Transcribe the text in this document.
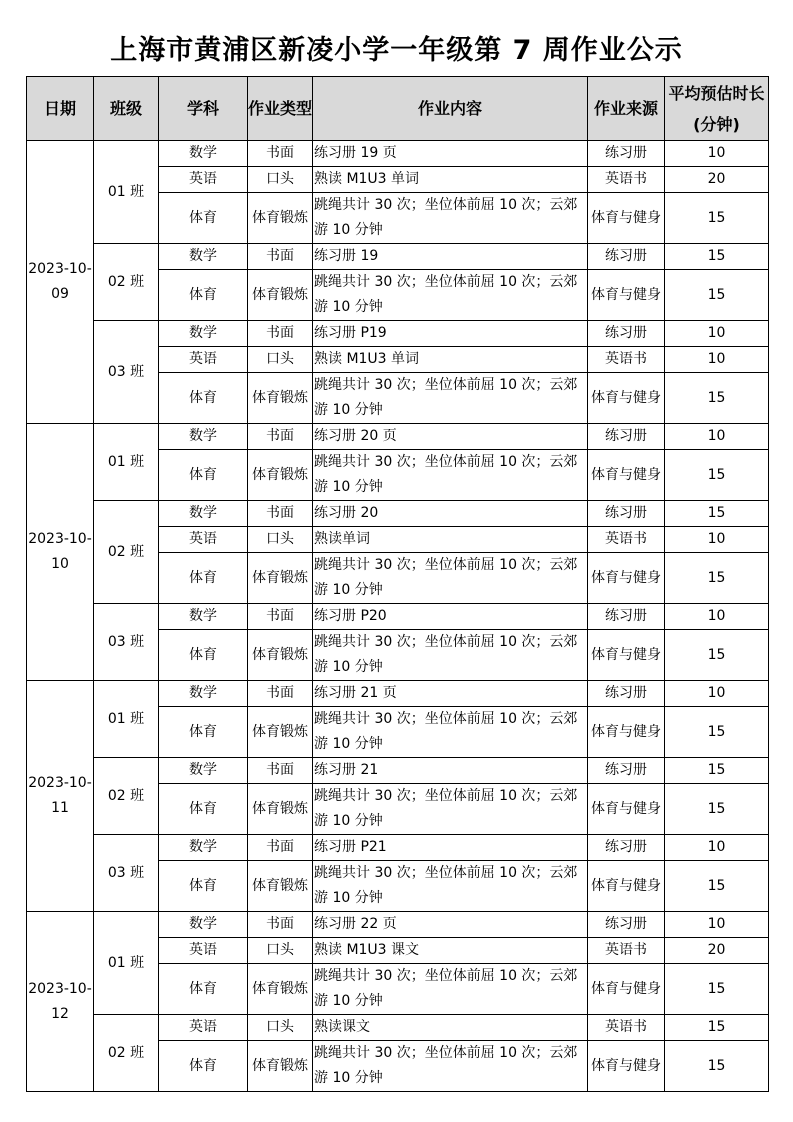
上海市黄浦区新凌小学一年级第 7 周作业公示
日期	班级	学科	作业类型	作业内容	作业来源	平均预估时长(分钟)
2023-10-09	01 班	数学	书面	练习册 19 页	练习册	10
		英语	口头	熟读 M1U3 单词	英语书	20
		体育	体育锻炼	跳绳共计 30 次；坐位体前屈 10 次；云郊游 10 分钟	体育与健身	15
	02 班	数学	书面	练习册 19	练习册	15
		体育	体育锻炼	跳绳共计 30 次；坐位体前屈 10 次；云郊游 10 分钟	体育与健身	15
	03 班	数学	书面	练习册 P19	练习册	10
		英语	口头	熟读 M1U3 单词	英语书	10
		体育	体育锻炼	跳绳共计 30 次；坐位体前屈 10 次；云郊游 10 分钟	体育与健身	15
2023-10-10	01 班	数学	书面	练习册 20 页	练习册	10
		体育	体育锻炼	跳绳共计 30 次；坐位体前屈 10 次；云郊游 10 分钟	体育与健身	15
	02 班	数学	书面	练习册 20	练习册	15
		英语	口头	熟读单词	英语书	10
		体育	体育锻炼	跳绳共计 30 次；坐位体前屈 10 次；云郊游 10 分钟	体育与健身	15
	03 班	数学	书面	练习册 P20	练习册	10
		体育	体育锻炼	跳绳共计 30 次；坐位体前屈 10 次；云郊游 10 分钟	体育与健身	15
2023-10-11	01 班	数学	书面	练习册 21 页	练习册	10
		体育	体育锻炼	跳绳共计 30 次；坐位体前屈 10 次；云郊游 10 分钟	体育与健身	15
	02 班	数学	书面	练习册 21	练习册	15
		体育	体育锻炼	跳绳共计 30 次；坐位体前屈 10 次；云郊游 10 分钟	体育与健身	15
	03 班	数学	书面	练习册 P21	练习册	10
		体育	体育锻炼	跳绳共计 30 次；坐位体前屈 10 次；云郊游 10 分钟	体育与健身	15
2023-10-12	01 班	数学	书面	练习册 22 页	练习册	10
		英语	口头	熟读 M1U3 课文	英语书	20
		体育	体育锻炼	跳绳共计 30 次；坐位体前屈 10 次；云郊游 10 分钟	体育与健身	15
	02 班	英语	口头	熟读课文	英语书	15
		体育	体育锻炼	跳绳共计 30 次；坐位体前屈 10 次；云郊游 10 分钟	体育与健身	15
